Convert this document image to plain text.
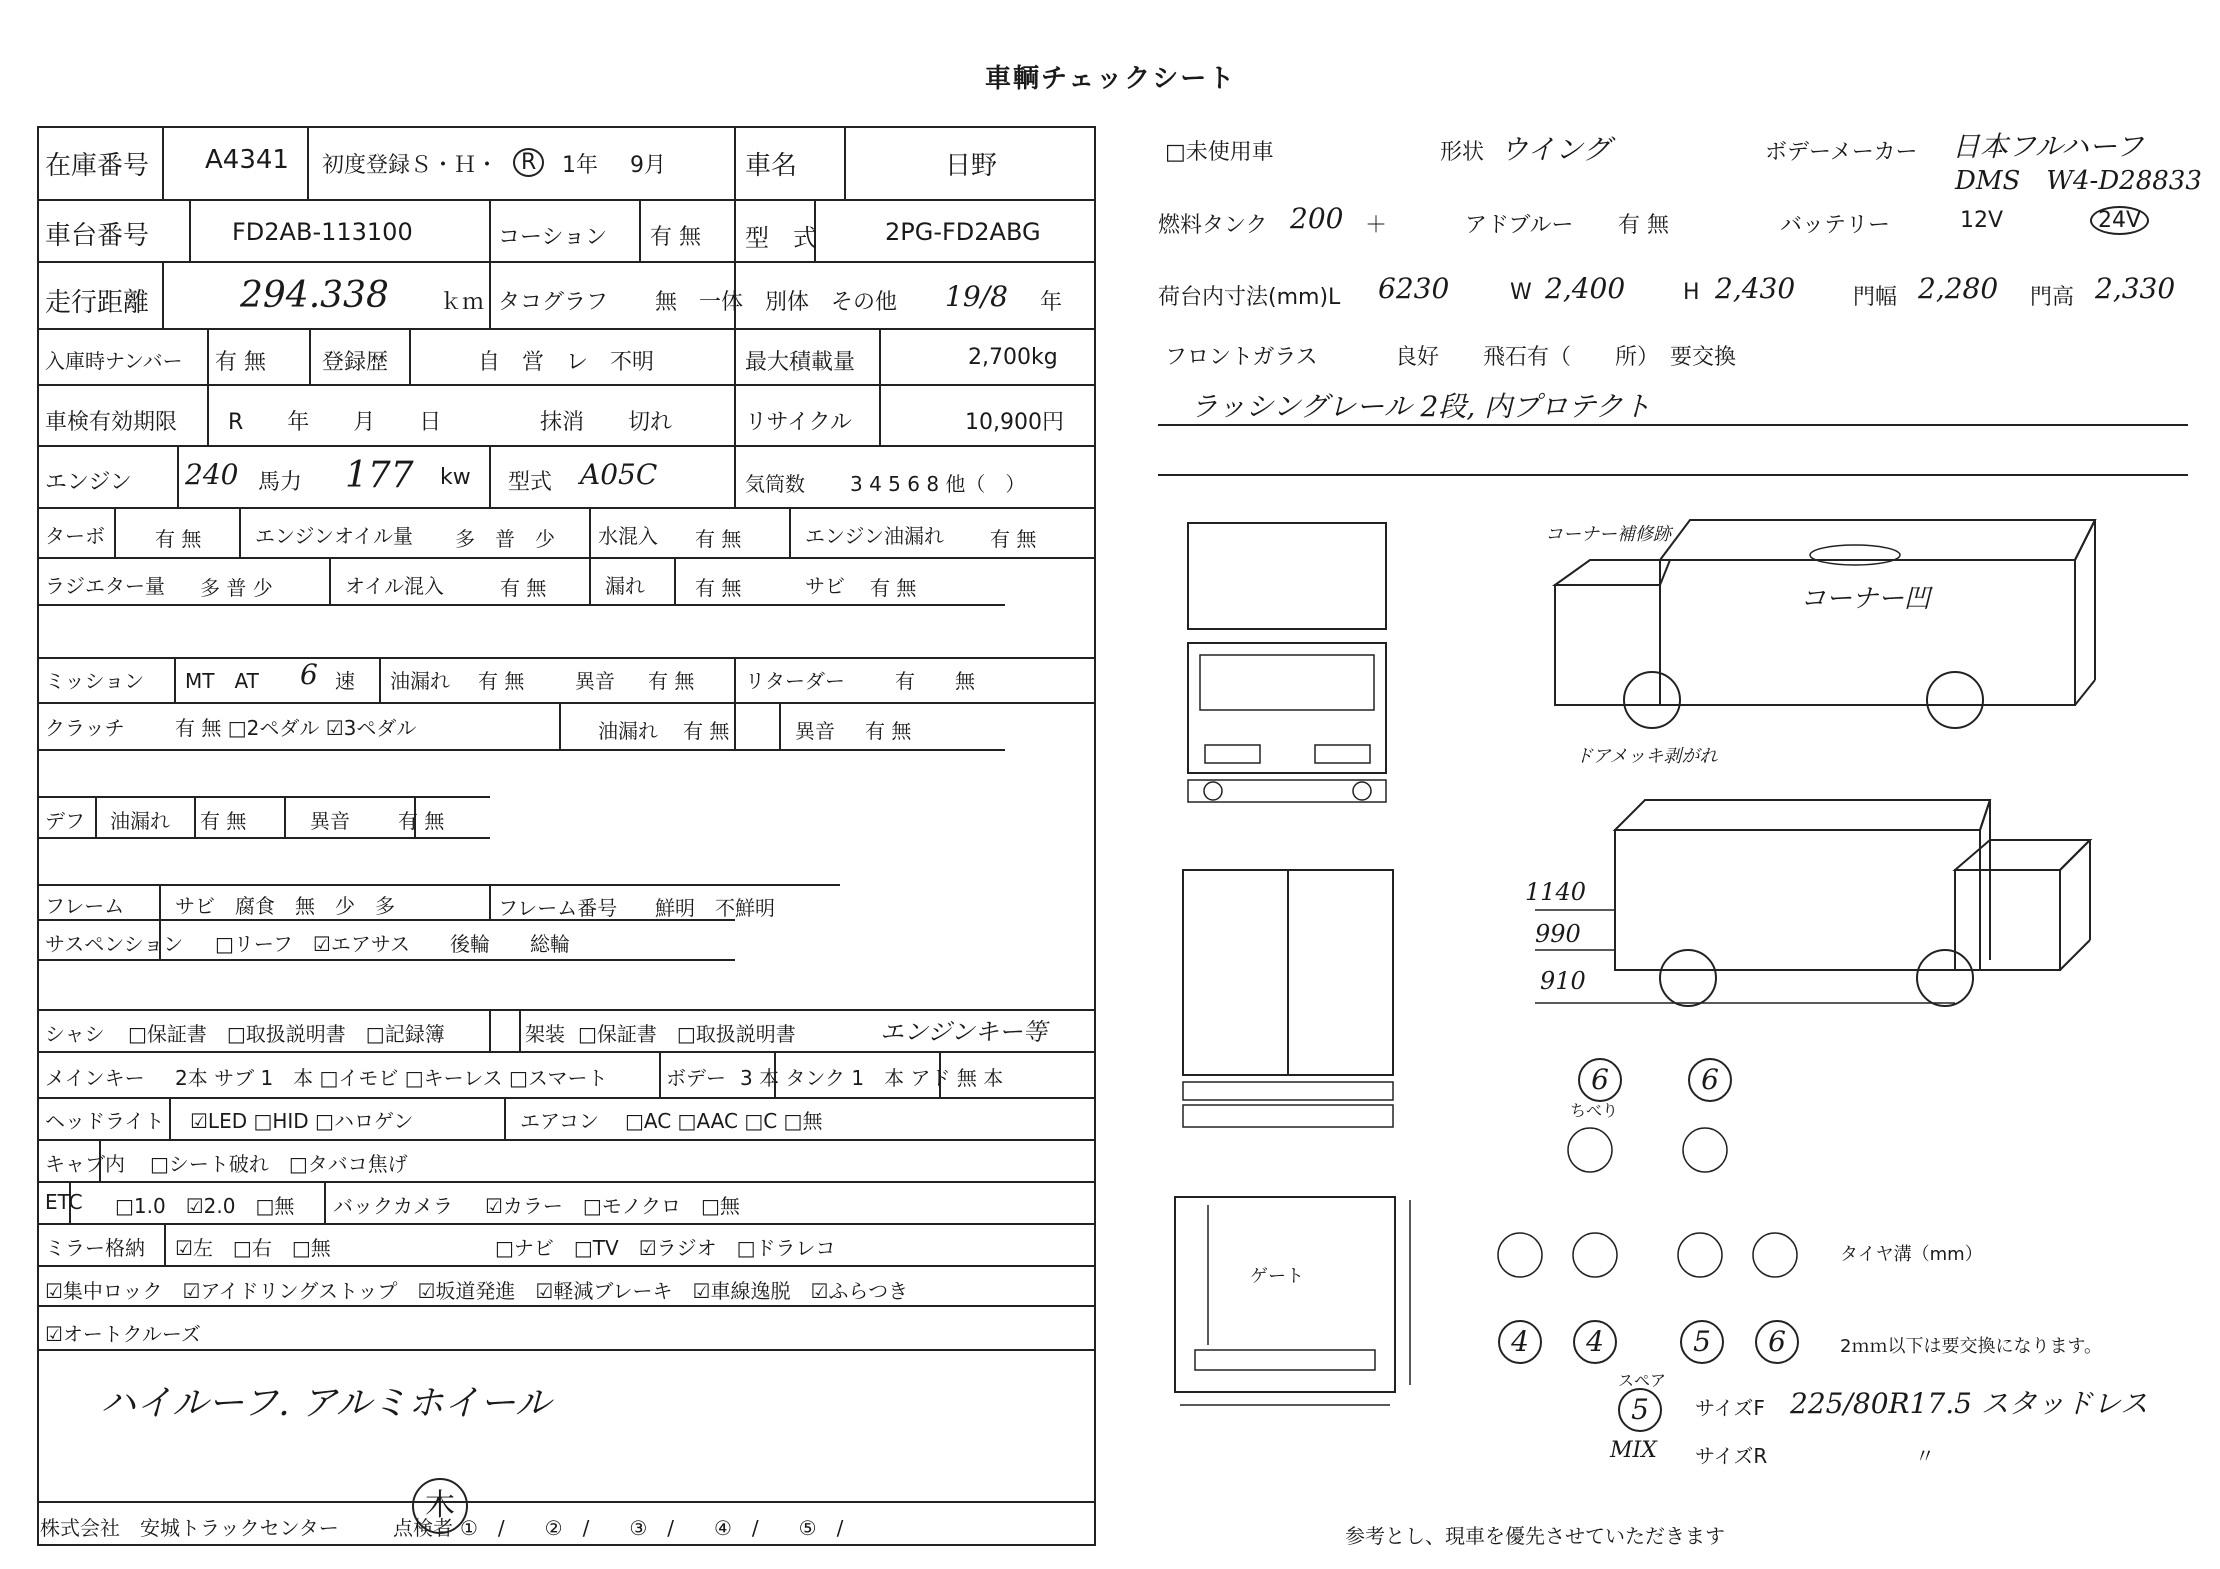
車輌チェックシート
在庫番号 A4341 初度登録Ｓ・Ｈ・	R	1年 9月	車名	日野
車台番号	FD2AB-113100	コーション 有 無 型　式	2PG-FD2ABG
走行距離	294.338 ｋｍ タコグラフ 無　一体　別体　その他 19/8 年
入庫時ナンバー 有 無	登録歴	自　営　レ　不明	最大積載量	2,700kg
車検有効期限 R　　年　　月　　日	抹消　　切れ	リサイクル	10,900円
エンジン 240 馬力 177 kw 型式 A05C	気筒数 3 4 5 6 8 他（　）
ターボ	有 無	エンジンオイル量 多　普　少 水混入 有 無	エンジン油漏れ 有 無
ラジエター量 多 普 少	オイル混入	有 無	漏れ	有 無	サビ 有 無
ミッション MT　AT 6 速 油漏れ 有 無	異音 有 無	リターダー	有　　無
クラッチ	有 無 □2ペダル ☑3ペダル	油漏れ 有 無	異音 有 無
デフ 油漏れ 有 無	異音 有 無
フレーム	サビ　腐食　無　少　多	フレーム番号 鮮明　不鮮明
サスペンション □リーフ　☑エアサス　　後輪　　総輪
シャシ □保証書　□取扱説明書　□記録簿	架装 □保証書　□取扱説明書	エンジンキー等
メインキー 2本 サブ 1　本 □イモビ □キーレス □スマート	ボデー 3 本 タンク 1　本 アド 無 本
ヘッドライト ☑LED □HID □ハロゲン	エアコン □AC □AAC □C □無
キャブ内 □シート破れ　□タバコ焦げ
ETC □1.0　☑2.0　□無 バックカメラ ☑カラー　□モノクロ　□無
ミラー格納 ☑左　□右　□無	□ナビ　□TV　☑ラジオ　□ドラレコ
☑集中ロック　☑アイドリングストップ　☑坂道発進　☑軽減ブレーキ　☑車線逸脱　☑ふらつき
☑オートクルーズ
ハイルーフ. アルミホイール
株式会社　安城トラックセンター	点検者
木
①　/　　②　/　　③　/　　④　/　　⑤　/
□未使用車	形状 ウイング	ボデーメーカー 日本フルハーフ
DMS　W4-D28833
燃料タンク 200 ＋	アドブルー 有 無	バッテリー	12V	24V
荷台内寸法(mm)L 6230	W 2,400	H 2,430	門幅 2,280 門高 2,330
フロントガラス	良好　　飛石有（　　所）　要交換
ラッシングレール 2段, 内プロテクト
コーナー補修跡
コーナー凹
ドアメッキ剥がれ
1140
990
910
ゲート
6	6
ちべり
4	4	5	6
タイヤ溝（mm）
2ｍｍ以下は要交換になります。
スペア
5	サイズF 225/80R17.5 スタッドレス
MIX サイズR	〃
参考とし、現車を優先させていただきます
